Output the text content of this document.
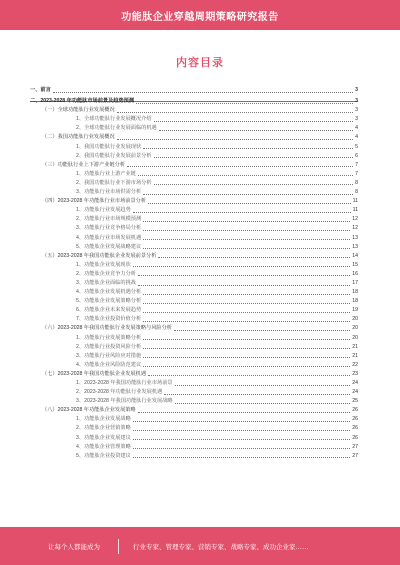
功能肽企业穿越周期策略研究报告
内容目录
一、前言	3
二、2023-2028 年功能肽市场前景及趋势预测	3
（一）全球功能肽行业发展概况	3
1、全球功能肽行业发展概况介绍	3
2、全球功能肽行业发展面临的机遇	4
（二）我国功能肽行业发展概况	4
1、我国功能肽行业发展现状	5
2、我国功能肽行业发展前景分析	6
（三）功能肽行业上下游产业链分析	7
1、功能肽行业上游产业链	7
2、我国功能肽行业下游市场分析	8
3、功能肽行业市场供需分析	8
（四）2023-2028 年功能肽行业市场前景分析	11
1、功能肽行业发展趋势	11
2、功能肽行业市场规模预测	12
3、功能肽行业竞争格局分析	12
4、功能肽行业市场发展机遇	13
5、功能肽企业发展战略建议	13
（五）2023-2028 年我国功能肽企业发展前景分析	14
1、功能肽企业发展现状	15
2、功能肽企业竞争力分析	16
3、功能肽企业面临的挑战	17
4、功能肽企业发展机遇分析	18
5、功能肽企业发展策略分析	18
6、功能肽企业未来发展趋势	19
7、功能肽企业投资价值分析	20
（六）2023-2028 年我国功能肽行业发展策略与风险分析	20
1、功能肽行业发展策略分析	20
2、功能肽行业投资风险分析	21
3、功能肽行业风险应对措施	21
4、功能肽企业风险防范建议	22
（七）2023-2028 年我国功能肽企业发展机遇	23
1、2023-2028 年我国功能肽行业市场前景	24
2、2023-2028 年功能肽行业发展机遇	24
3、2023-2028 年我国功能肽行业发展战略	25
（八）2023-2028 年功能肽企业发展策略	26
1、功能肽企业发展战略	26
2、功能肽企业营销策略	26
3、功能肽企业发展建议	26
4、功能肽企业管理策略	27
5、功能肽企业投资建议	27
让每个人都能成为	行业专家、管理专家、营销专家、战略专家、成功企业家……
